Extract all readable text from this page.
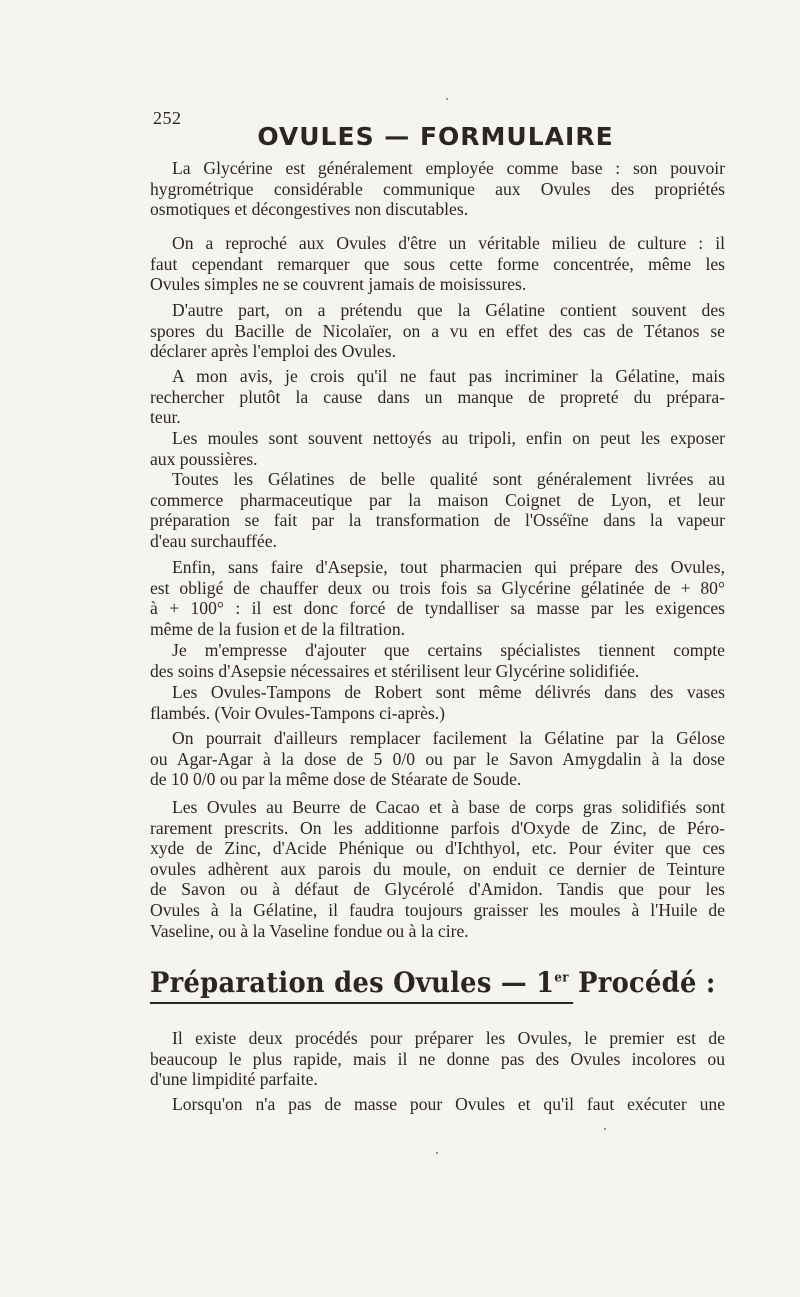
252
OVULES — FORMULAIRE

La Glycérine est généralement employée comme base : son pouvoir
hygrométrique considérable communique aux Ovules des propriétés
osmotiques et décongestives non discutables.

On a reproché aux Ovules d'être un véritable milieu de culture : il
faut cependant remarquer que sous cette forme concentrée, même les
Ovules simples ne se couvrent jamais de moisissures.

D'autre part, on a prétendu que la Gélatine contient souvent des
spores du Bacille de Nicolaïer, on a vu en effet des cas de Tétanos se
déclarer après l'emploi des Ovules.

A mon avis, je crois qu'il ne faut pas incriminer la Gélatine, mais
rechercher plutôt la cause dans un manque de propreté du prépara-
teur.

Les moules sont souvent nettoyés au tripoli, enfin on peut les exposer
aux poussières.

Toutes les Gélatines de belle qualité sont généralement livrées au
commerce pharmaceutique par la maison Coignet de Lyon, et leur
préparation se fait par la transformation de l'Osséïne dans la vapeur
d'eau surchauffée.

Enfin, sans faire d'Asepsie, tout pharmacien qui prépare des Ovules,
est obligé de chauffer deux ou trois fois sa Glycérine gélatinée de + 80°
à + 100° : il est donc forcé de tyndalliser sa masse par les exigences
même de la fusion et de la filtration.

Je m'empresse d'ajouter que certains spécialistes tiennent compte
des soins d'Asepsie nécessaires et stérilisent leur Glycérine solidifiée.

Les Ovules-Tampons de Robert sont même délivrés dans des vases
flambés. (Voir Ovules-Tampons ci-après.)

On pourrait d'ailleurs remplacer facilement la Gélatine par la Gélose
ou Agar-Agar à la dose de 5 0/0 ou par le Savon Amygdalin à la dose
de 10 0/0 ou par la même dose de Stéarate de Soude.

Les Ovules au Beurre de Cacao et à base de corps gras solidifiés sont
rarement prescrits. On les additionne parfois d'Oxyde de Zinc, de Péro-
xyde de Zinc, d'Acide Phénique ou d'Ichthyol, etc. Pour éviter que ces
ovules adhèrent aux parois du moule, on enduit ce dernier de Teinture
de Savon ou à défaut de Glycérolé d'Amidon. Tandis que pour les
Ovules à la Gélatine, il faudra toujours graisser les moules à l'Huile de
Vaseline, ou à la Vaseline fondue ou à la cire.

Préparation des Ovules — 1er Procédé :

Il existe deux procédés pour préparer les Ovules, le premier est de
beaucoup le plus rapide, mais il ne donne pas des Ovules incolores ou
d'une limpidité parfaite.

Lorsqu'on n'a pas de masse pour Ovules et qu'il faut exécuter une
